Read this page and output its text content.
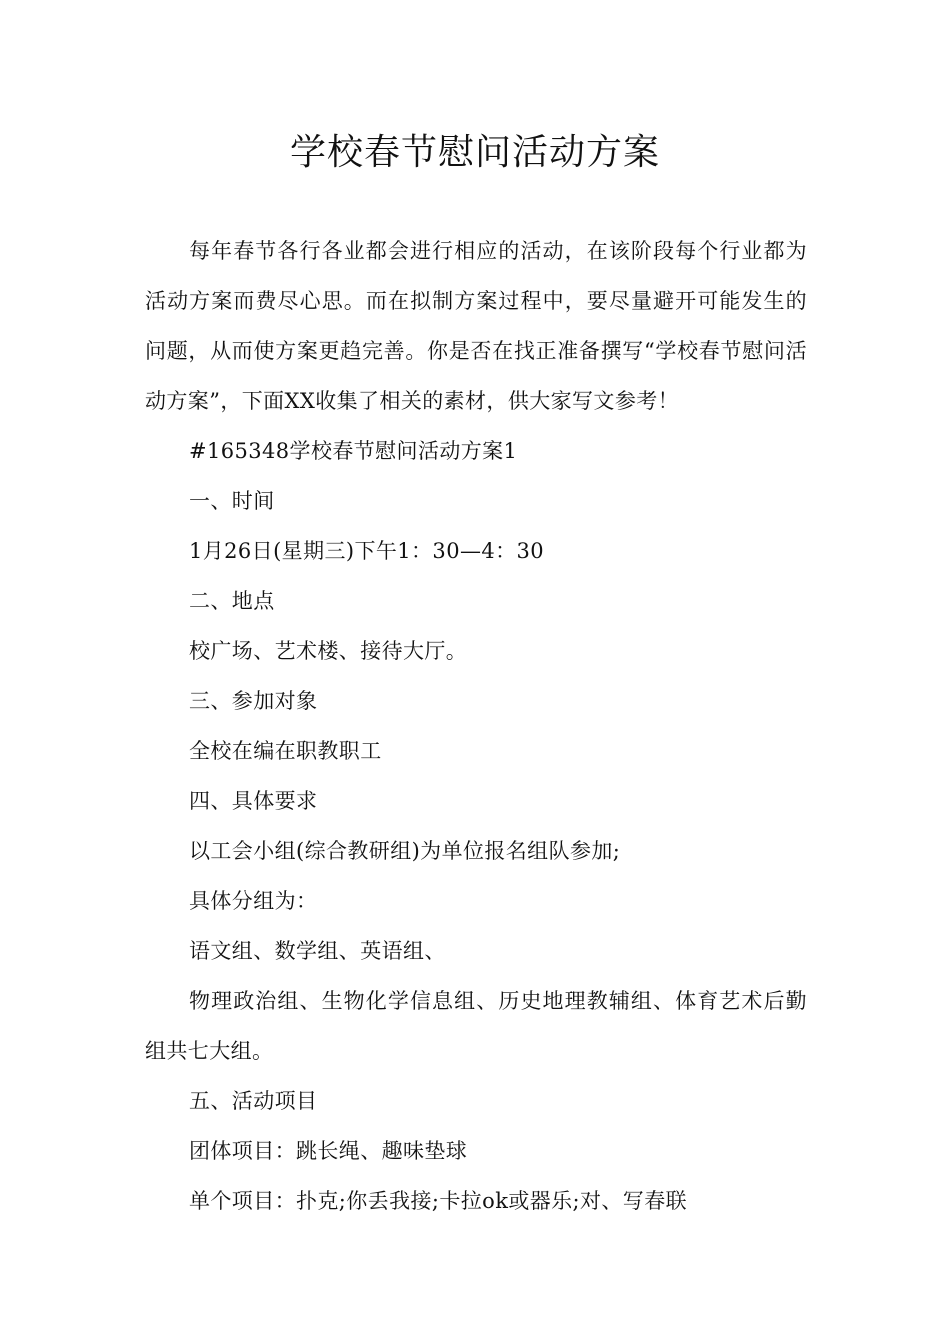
学校春节慰问活动方案

每年春节各行各业都会进行相应的活动，在该阶段每个行业都为活动方案而费尽心思。而在拟制方案过程中，要尽量避开可能发生的问题，从而使方案更趋完善。你是否在找正准备撰写“学校春节慰问活动方案”，下面XX收集了相关的素材，供大家写文参考！

#165348学校春节慰问活动方案1

一、时间

1月26日(星期三)下午1：30—4：30

二、地点

校广场、艺术楼、接待大厅。

三、参加对象

全校在编在职教职工

四、具体要求

以工会小组(综合教研组)为单位报名组队参加;

具体分组为：

语文组、数学组、英语组、

物理政治组、生物化学信息组、历史地理教辅组、体育艺术后勤组共七大组。

五、活动项目

团体项目：跳长绳、趣味垫球

单个项目：扑克;你丢我接;卡拉ok或器乐;对、写春联
